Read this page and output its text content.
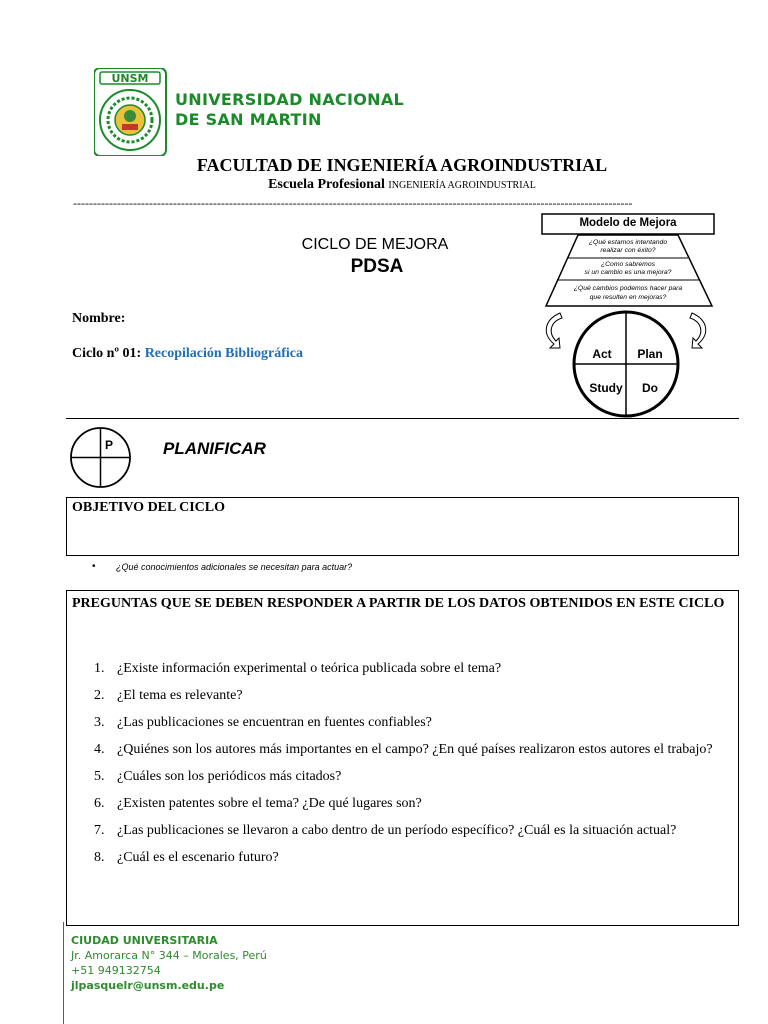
UNSM
UNIVERSIDAD NACIONAL
DE SAN MARTIN
FACULTAD DE INGENIERÍA AGROINDUSTRIAL
Escuela Profesional INGENIERÍA AGROINDUSTRIAL
--------------------------------------------------------------------------------------------------------------------------------------------
CICLO DE MEJORA
PDSA
Nombre:
Ciclo nº 01: Recopilación Bibliográfica
Modelo de Mejora
¿Qué estamos intentando
realizar con éxito?
¿Como sabremos
si un cambio es una mejora?
¿Qué cambios podemos hacer para
que resulten en mejoras?
Act Plan
Study Do
P	PLANIFICAR
OBJETIVO DEL CICLO
• ¿Qué conocimientos adicionales se necesitan para actuar?
PREGUNTAS QUE SE DEBEN RESPONDER A PARTIR DE LOS DATOS OBTENIDOS EN ESTE CICLO
1. ¿Existe información experimental o teórica publicada sobre el tema?
2. ¿El tema es relevante?
3. ¿Las publicaciones se encuentran en fuentes confiables?
4. ¿Quiénes son los autores más importantes en el campo? ¿En qué países realizaron estos autores el trabajo?
5. ¿Cuáles son los periódicos más citados?
6. ¿Existen patentes sobre el tema? ¿De qué lugares son?
7. ¿Las publicaciones se llevaron a cabo dentro de un período específico? ¿Cuál es la situación actual?
8. ¿Cuál es el escenario futuro?
CIUDAD UNIVERSITARIA
Jr. Amorarca N° 344 – Morales, Perú
+51 949132754
jlpasquelr@unsm.edu.pe
